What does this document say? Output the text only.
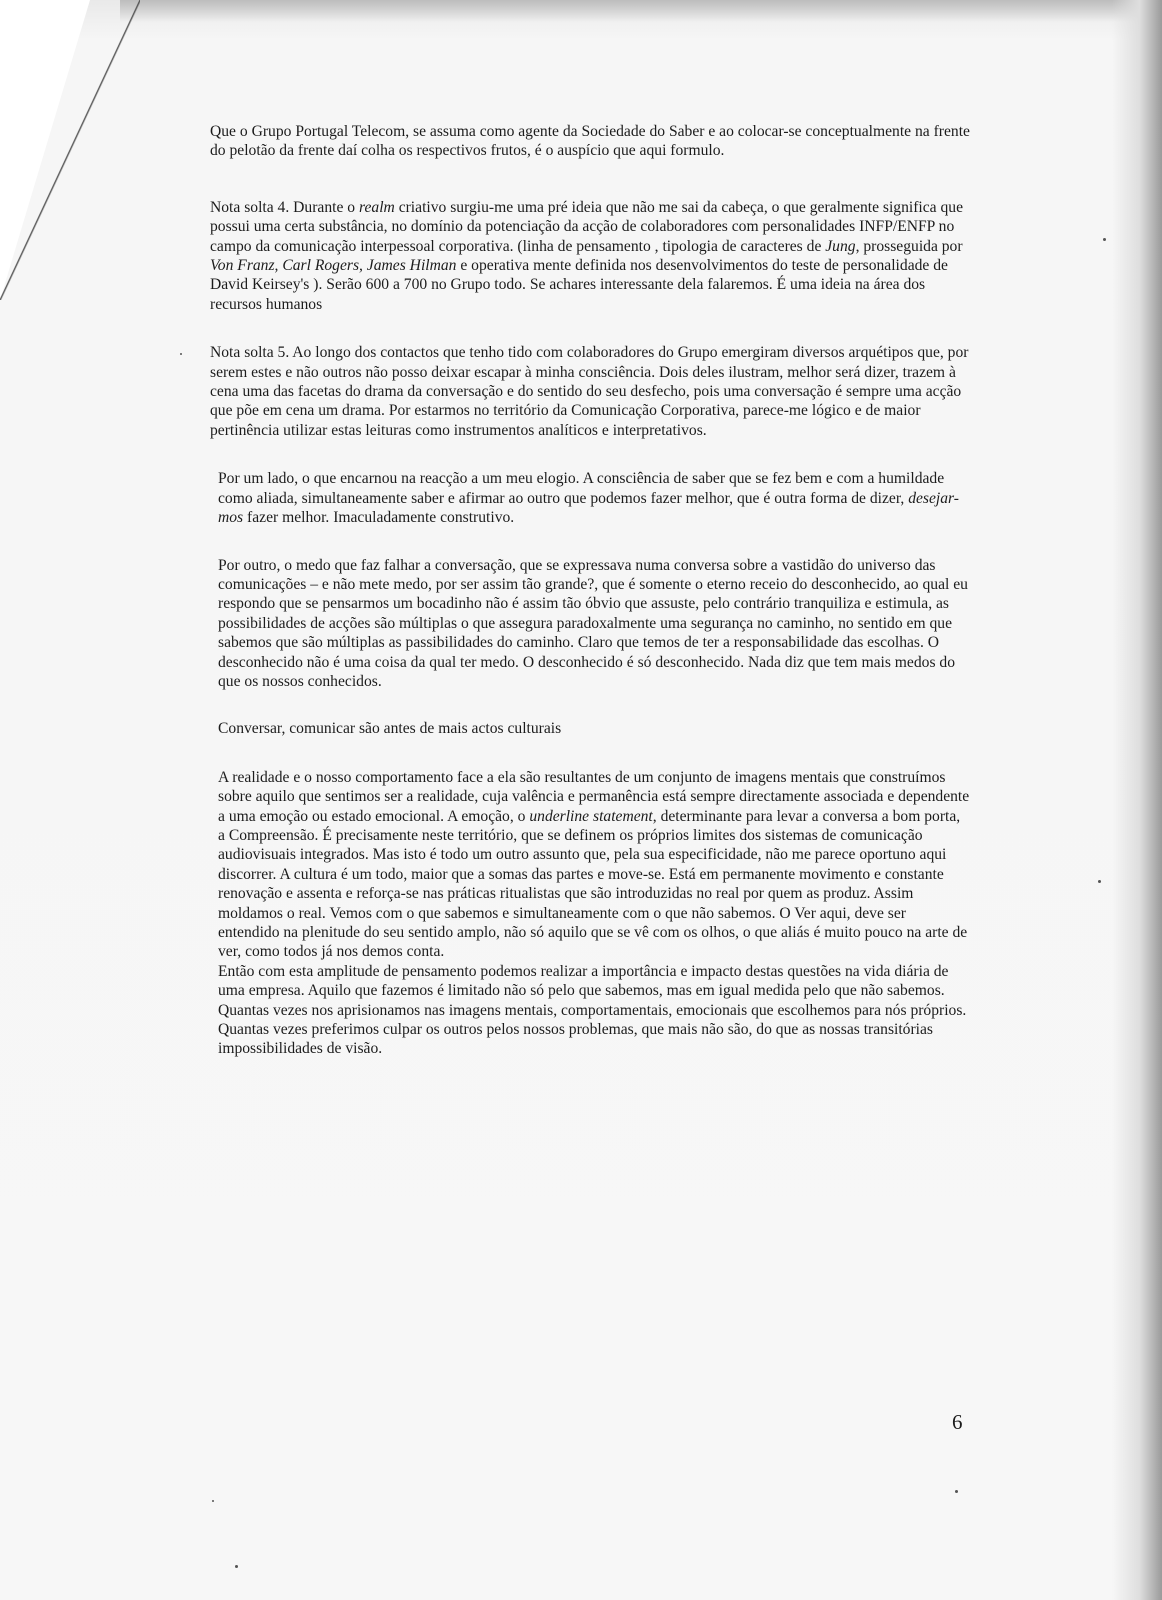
Que o Grupo Portugal Telecom, se assuma como agente da Sociedade do Saber e ao colocar-se conceptualmente na frente do pelotão da frente daí colha os respectivos frutos, é o auspício que aqui formulo.

Nota solta 4. Durante o realm criativo surgiu-me uma pré ideia que não me sai da cabeça, o que geralmente significa que possui uma certa substância, no domínio da potenciação da acção de colaboradores com personalidades INFP/ENFP no campo da comunicação interpessoal corporativa. (linha de pensamento , tipologia de caracteres de Jung, prosseguida por Von Franz, Carl Rogers, James Hilman e operativa mente definida nos desenvolvimentos do teste de personalidade de David Keirsey's ). Serão 600 a 700 no Grupo todo. Se achares interessante dela falaremos. É uma ideia na área dos recursos humanos

Nota solta 5. Ao longo dos contactos que tenho tido com colaboradores do Grupo emergiram diversos arquétipos que, por serem estes e não outros não posso deixar escapar à minha consciência. Dois deles ilustram, melhor será dizer, trazem à cena uma das facetas do drama da conversação e do sentido do seu desfecho, pois uma conversação é sempre uma acção que põe em cena um drama. Por estarmos no território da Comunicação Corporativa, parece-me lógico e de maior pertinência utilizar estas leituras como instrumentos analíticos e interpretativos.

Por um lado, o que encarnou na reacção a um meu elogio. A consciência de saber que se fez bem e com a humildade como aliada, simultaneamente saber e afirmar ao outro que podemos fazer melhor, que é outra forma de dizer, desejar-mos fazer melhor. Imaculadamente construtivo.

Por outro, o medo que faz falhar a conversação, que se expressava numa conversa sobre a vastidão do universo das comunicações – e não mete medo, por ser assim tão grande?, que é somente o eterno receio do desconhecido, ao qual eu respondo que se pensarmos um bocadinho não é assim tão óbvio que assuste, pelo contrário tranquiliza e estimula, as possibilidades de acções são múltiplas o que assegura paradoxalmente uma segurança no caminho, no sentido em que sabemos que são múltiplas as passibilidades do caminho. Claro que temos de ter a responsabilidade das escolhas. O desconhecido não é uma coisa da qual ter medo. O desconhecido é só desconhecido. Nada diz que tem mais medos do que os nossos conhecidos.

Conversar, comunicar são antes de mais actos culturais

A realidade e o nosso comportamento face a ela são resultantes de um conjunto de imagens mentais que construímos sobre aquilo que sentimos ser a realidade, cuja valência e permanência está sempre directamente associada e dependente a uma emoção ou estado emocional. A emoção, o underline statement, determinante para levar a conversa a bom porta, a Compreensão. É precisamente neste território, que se definem os próprios limites dos sistemas de comunicação audiovisuais integrados. Mas isto é todo um outro assunto que, pela sua especificidade, não me parece oportuno aqui discorrer. A cultura é um todo, maior que a somas das partes e move-se. Está em permanente movimento e constante renovação e assenta e reforça-se nas práticas ritualistas que são introduzidas no real por quem as produz. Assim moldamos o real. Vemos com o que sabemos e simultaneamente com o que não sabemos. O Ver aqui, deve ser entendido na plenitude do seu sentido amplo, não só aquilo que se vê com os olhos, o que aliás é muito pouco na arte de ver, como todos já nos demos conta.

Então com esta amplitude de pensamento podemos realizar a importância e impacto destas questões na vida diária de uma empresa. Aquilo que fazemos é limitado não só pelo que sabemos, mas em igual medida pelo que não sabemos. Quantas vezes nos aprisionamos nas imagens mentais, comportamentais, emocionais que escolhemos para nós próprios. Quantas vezes preferimos culpar os outros pelos nossos problemas, que mais não são, do que as nossas transitórias impossibilidades de visão.

6
